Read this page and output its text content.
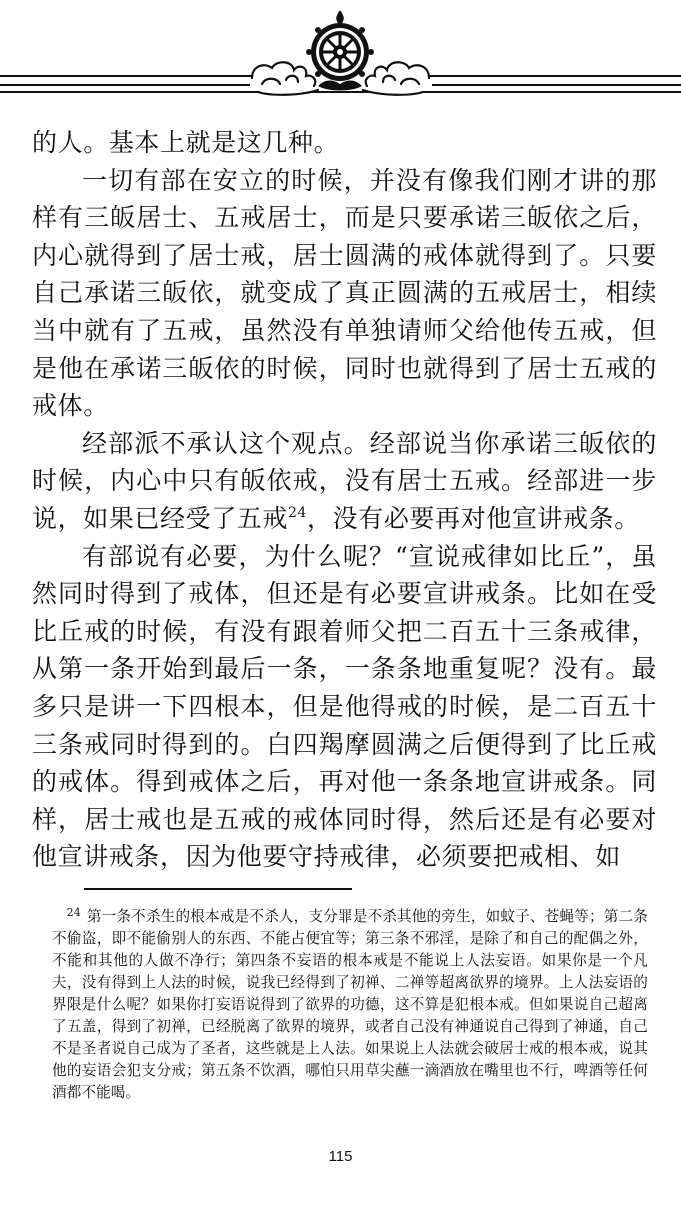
的人。基本上就是这几种。

一切有部在安立的时候，并没有像我们刚才讲的那样有三皈居士、五戒居士，而是只要承诺三皈依之后，内心就得到了居士戒，居士圆满的戒体就得到了。只要自己承诺三皈依，就变成了真正圆满的五戒居士，相续当中就有了五戒，虽然没有单独请师父给他传五戒，但是他在承诺三皈依的时候，同时也就得到了居士五戒的戒体。

经部派不承认这个观点。经部说当你承诺三皈依的时候，内心中只有皈依戒，没有居士五戒。经部进一步说，如果已经受了五戒$^{24}$，没有必要再对他宣讲戒条。

有部说有必要，为什么呢？“宣说戒律如比丘”，虽然同时得到了戒体，但还是有必要宣讲戒条。比如在受比丘戒的时候，有没有跟着师父把二百五十三条戒律，从第一条开始到最后一条，一条条地重复呢？没有。最多只是讲一下四根本，但是他得戒的时候，是二百五十三条戒同时得到的。白四羯摩圆满之后便得到了比丘戒的戒体。得到戒体之后，再对他一条条地宣讲戒条。同样，居士戒也是五戒的戒体同时得，然后还是有必要对他宣讲戒条，因为他要守持戒律，必须要把戒相、如

$^{24}$ 第一条不杀生的根本戒是不杀人，支分罪是不杀其他的旁生，如蚊子、苍蝇等；第二条不偷盗，即不能偷别人的东西、不能占便宜等；第三条不邪淫，是除了和自己的配偶之外，不能和其他的人做不净行；第四条不妄语的根本戒是不能说上人法妄语。如果你是一个凡夫，没有得到上人法的时候，说我已经得到了初禅、二禅等超离欲界的境界。上人法妄语的界限是什么呢？如果你打妄语说得到了欲界的功德，这不算是犯根本戒。但如果说自己超离了五盖，得到了初禅，已经脱离了欲界的境界，或者自己没有神通说自己得到了神通，自己不是圣者说自己成为了圣者，这些就是上人法。如果说上人法就会破居士戒的根本戒，说其他的妄语会犯支分戒；第五条不饮酒，哪怕只用草尖蘸一滴酒放在嘴里也不行，啤酒等任何酒都不能喝。

115
